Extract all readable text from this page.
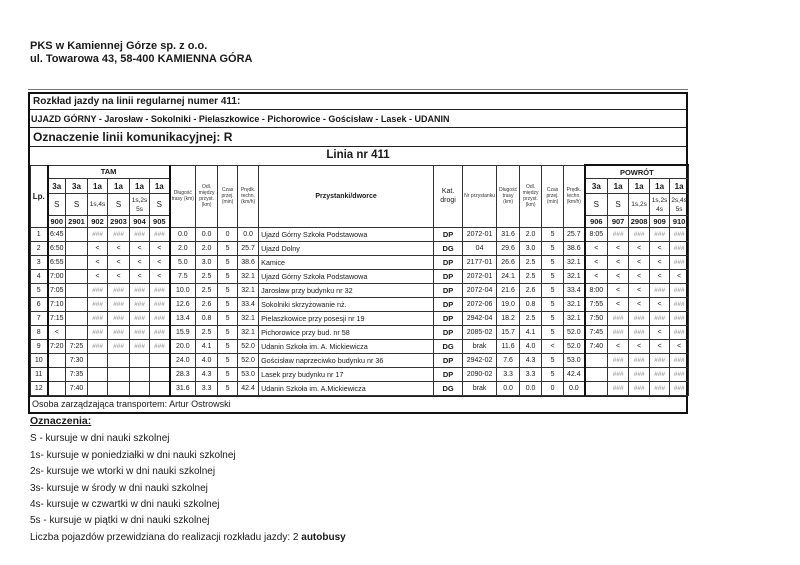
PKS w Kamiennej Górze sp. z o.o.
ul. Towarowa 43, 58-400 KAMIENNA GÓRA
Rozkład jazdy na linii regularnej numer 411:
UJAZD GÓRNY - Jarosław - Sokolniki - Pielaszkowice - Pichorowice - Gościsław - Lasek - UDANIN
Oznaczenie linii komunikacyjnej: R
Linia nr 411
Lp.	TAM						Długość trasy (km)	Odl. między przyst. (km)	Czas przej. (min)	Prędk. techn. (km/h)	Przystanki/dworce	Kat. drogi	Nr przystanku	Długość trasy (km)	Odl. między przyst. (km)	Czas przej. (min)	Prędk. techn. (km/h)	POWRÓT				
	3a	3a	1a	1a	1a	1a												3a	1a	1a	1a	1a
	S	S	1s,4s	S	1s,2s 5s	S												S	S	1s,2s	1s,2s 4s	2s,4s 5s
	900	2901	902	2903	904	905												906	907	2908	909	910
1	6:45		###	###	###	###	0.0	0.0	0	0.0	Ujazd Górny Szkoła Podstawowa	DP	2072-01	31.6	2.0	5	25.7	8:05	###	###	###	###
2	6:50		<	<	<	<	2.0	2.0	5	25.7	Ujazd Dolny	DG	04	29.6	3.0	5	38.6	<	<	<	<	###
3	6:55		<	<	<	<	5.0	3.0	5	38.6	Kamice	DP	2177-01	26.6	2.5	5	32.1	<	<	<	<	###
4	7:00		<	<	<	<	7.5	2.5	5	32.1	Ujazd Górny Szkoła Podstawowa	DP	2072-01	24.1	2.5	5	32.1	<	<	<	<	<
5	7:05		###	###	###	###	10.0	2.5	5	32.1	Jarosław przy budynku nr 32	DP	2072-04	21.6	2.6	5	33.4	8:00	<	<	###	###
6	7:10		###	###	###	###	12.6	2.6	5	33.4	Sokolniki skrzyżowanie nż.	DP	2072-06	19.0	0.8	5	32.1	7:55	<	<	<	###
7	7:15		###	###	###	###	13.4	0.8	5	32.1	Pielaszkowice przy posesji nr 19	DP	2942-04	18.2	2.5	5	32.1	7:50	###	###	###	###
8	<		###	###	###	###	15.9	2.5	5	32.1	Pichorowice przy bud. nr 58	DP	2085-02	15.7	4.1	5	52.0	7:45	###	###	<	###
9	7:20	7:25	###	###	###	###	20.0	4.1	5	52.0	Udanin Szkoła im. A. Mickiewicza	DG	brak	11.6	4.0	<	52.0	7:40	<	<	<	<
10		7:30					24.0	4.0	5	52.0	Gościsław naprzeciwko budynku nr 36	DP	2942-02	7.6	4.3	5	53.0		###	###	###	###
11		7:35					28.3	4.3	5	53.0	Lasek przy budynku nr 17	DP	2090-02	3.3	3.3	5	42.4		###	###	###	###
12		7:40					31.6	3.3	5	42.4	Udanin Szkoła im. A.Mickiewicza	DG	brak	0.0	0.0	0	0.0		###	###	###	###
Osoba zarządzająca transportem: Artur Ostrowski
Oznaczenia:
S - kursuje w dni nauki szkolnej
1s- kursuje w poniedziałki w dni nauki szkolnej
2s- kursuje we wtorki w dni nauki szkolnej
3s- kursuje w środy w dni nauki szkolnej
4s- kursuje w czwartki w dni nauki szkolnej
5s - kursuje w piątki w dni nauki szkolnej
Liczba pojazdów przewidziana do realizacji rozkładu jazdy: 2 autobusy
